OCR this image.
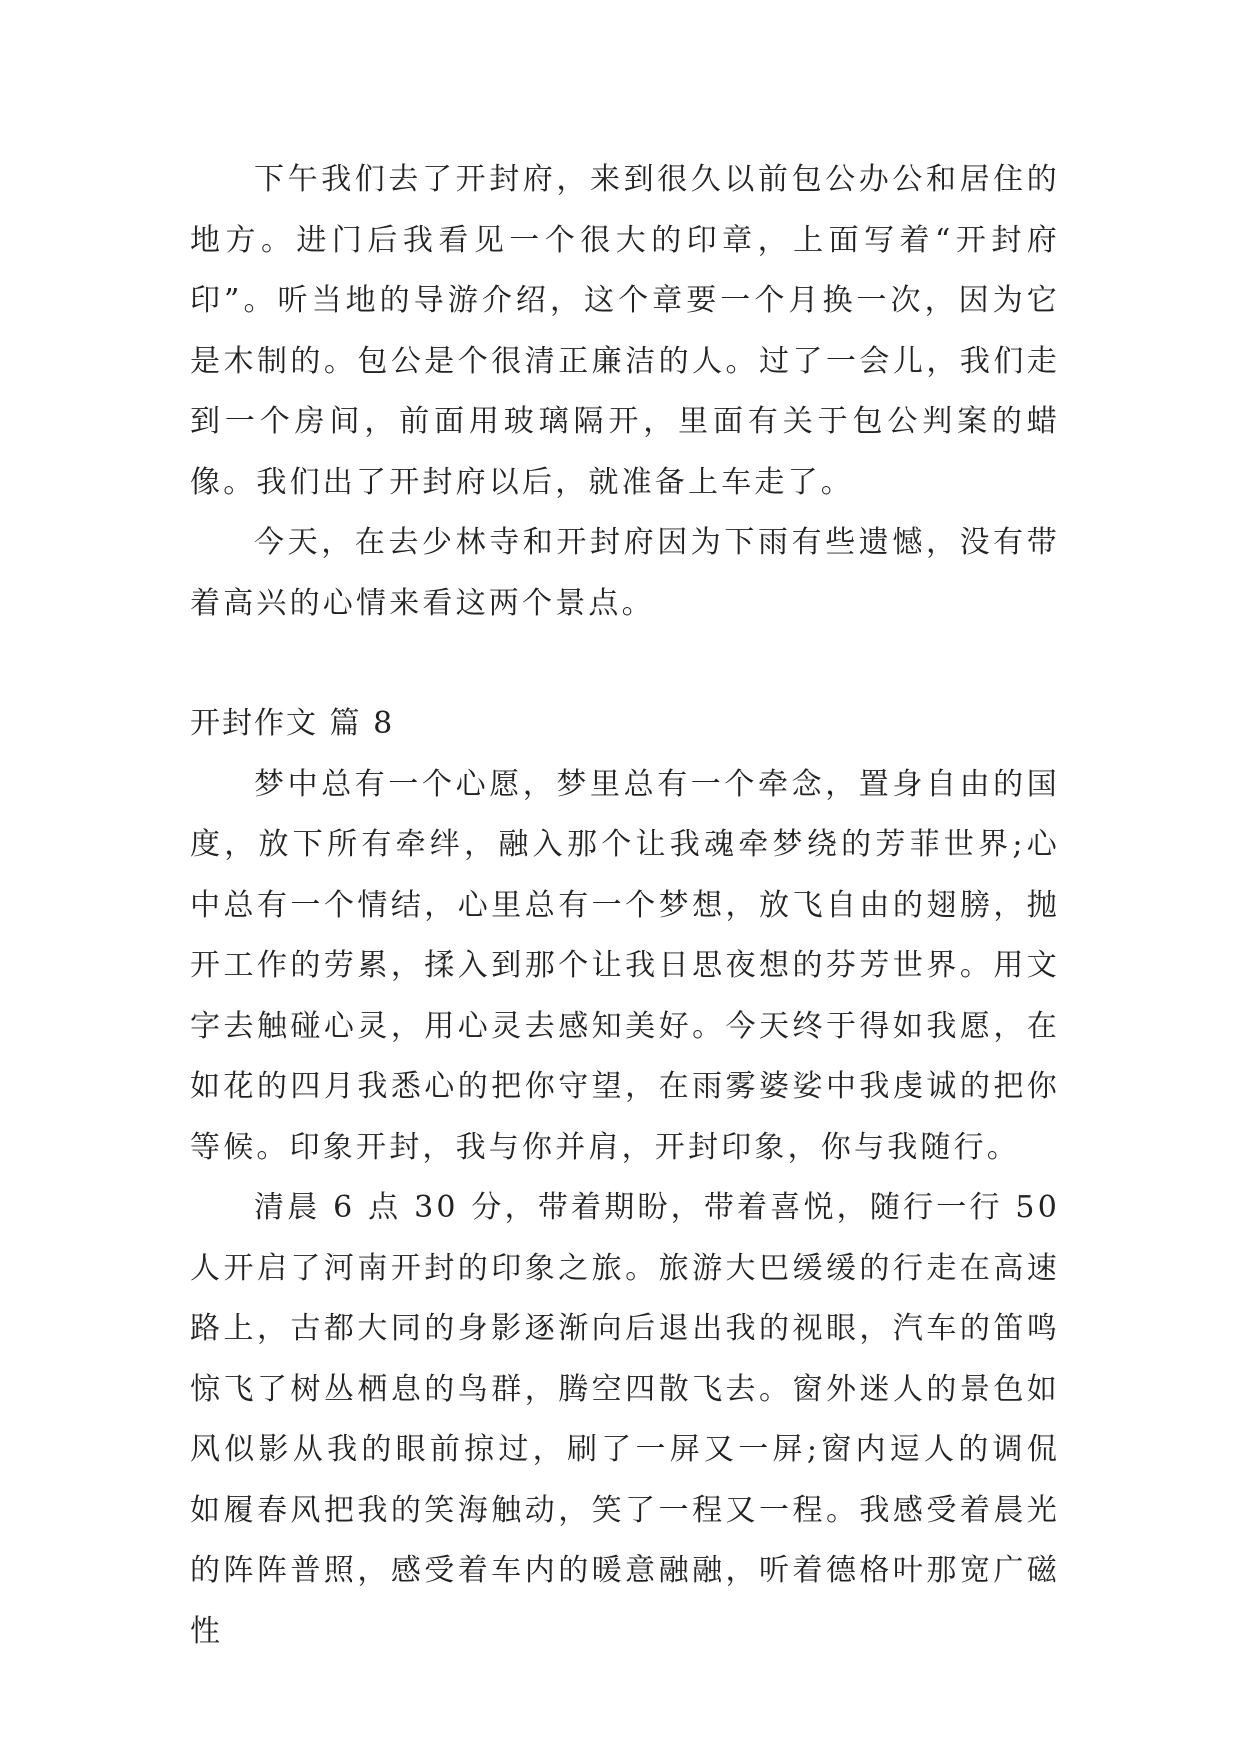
下午我们去了开封府，来到很久以前包公办公和居住的地方。进门后我看见一个很大的印章，上面写着“开封府印”。听当地的导游介绍，这个章要一个月换一次，因为它是木制的。包公是个很清正廉洁的人。过了一会儿，我们走到一个房间，前面用玻璃隔开，里面有关于包公判案的蜡像。我们出了开封府以后，就准备上车走了。

今天，在去少林寺和开封府因为下雨有些遗憾，没有带着高兴的心情来看这两个景点。

开封作文 篇 8

梦中总有一个心愿，梦里总有一个牵念，置身自由的国度，放下所有牵绊，融入那个让我魂牵梦绕的芳菲世界;心中总有一个情结，心里总有一个梦想，放飞自由的翅膀，抛开工作的劳累，揉入到那个让我日思夜想的芬芳世界。用文字去触碰心灵，用心灵去感知美好。今天终于得如我愿，在如花的四月我悉心的把你守望，在雨雾婆娑中我虔诚的把你等候。印象开封，我与你并肩，开封印象，你与我随行。

清晨 6 点 30 分，带着期盼，带着喜悦，随行一行 50 人开启了河南开封的印象之旅。旅游大巴缓缓的行走在高速路上，古都大同的身影逐渐向后退出我的视眼，汽车的笛鸣惊飞了树丛栖息的鸟群，腾空四散飞去。窗外迷人的景色如风似影从我的眼前掠过，刷了一屏又一屏;窗内逗人的调侃如履春风把我的笑海触动，笑了一程又一程。我感受着晨光的阵阵普照，感受着车内的暖意融融，听着德格叶那宽广磁性
